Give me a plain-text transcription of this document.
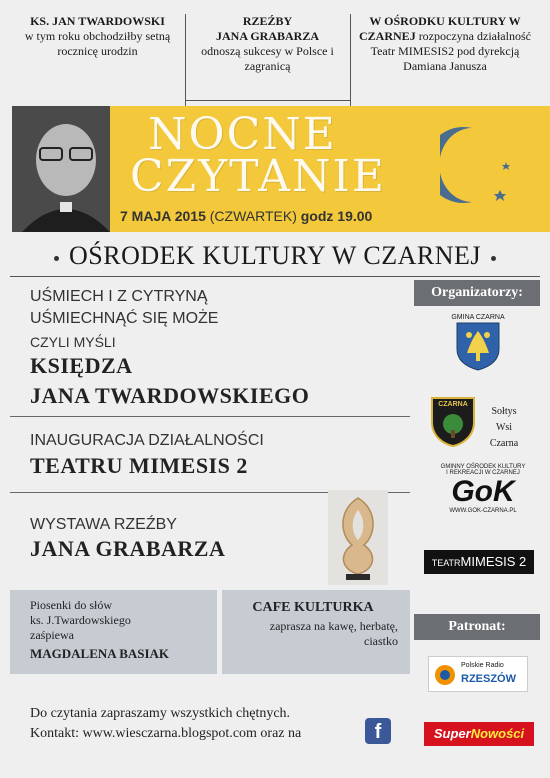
KS. JAN TWARDOWSKI
w tym roku obchodziłby setną rocznicę urodzin
RZEŹBY
JANA GRABARZA
odnoszą sukcesy w Polsce i zagranicą
W OŚRODKU KULTURY W CZARNEJ rozpoczyna działalność Teatr MIMESIS2 pod dyrekcją Damiana Janusza
NOCNE
CZYTANIE
7 MAJA 2015 (CZWARTEK) godz 19.00
OŚRODEK KULTURY W CZARNEJ
UŚMIECH I Z CYTRYNĄ
UŚMIECHNĄĆ SIĘ MOŻE
CZYLI MYŚLI
KSIĘDZA
JANA TWARDOWSKIEGO
INAUGURACJA DZIAŁALNOŚCI
TEATRU MIMESIS 2
WYSTAWA RZEŹBY
JANA GRABARZA
Piosenki do słów
ks. J.Twardowskiego
zaśpiewa
MAGDALENA BASIAK
CAFE KULTURKA
zaprasza na kawę, herbatę,
ciastko
Organizatorzy:
GMINA CZARNA
CZARNA
Sołtys
Wsi
Czarna
GMINNY OŚRODEK KULTURY
I REKREACJI W CZARNEJ
GoK
WWW.GOK-CZARNA.PL
TEATRMIMESIS 2
Patronat:
Polskie Radio
RZESZÓW
SuperNowości
Do czytania zapraszamy wszystkich chętnych.
Kontakt: www.wiesczarna.blogspot.com oraz na	f
